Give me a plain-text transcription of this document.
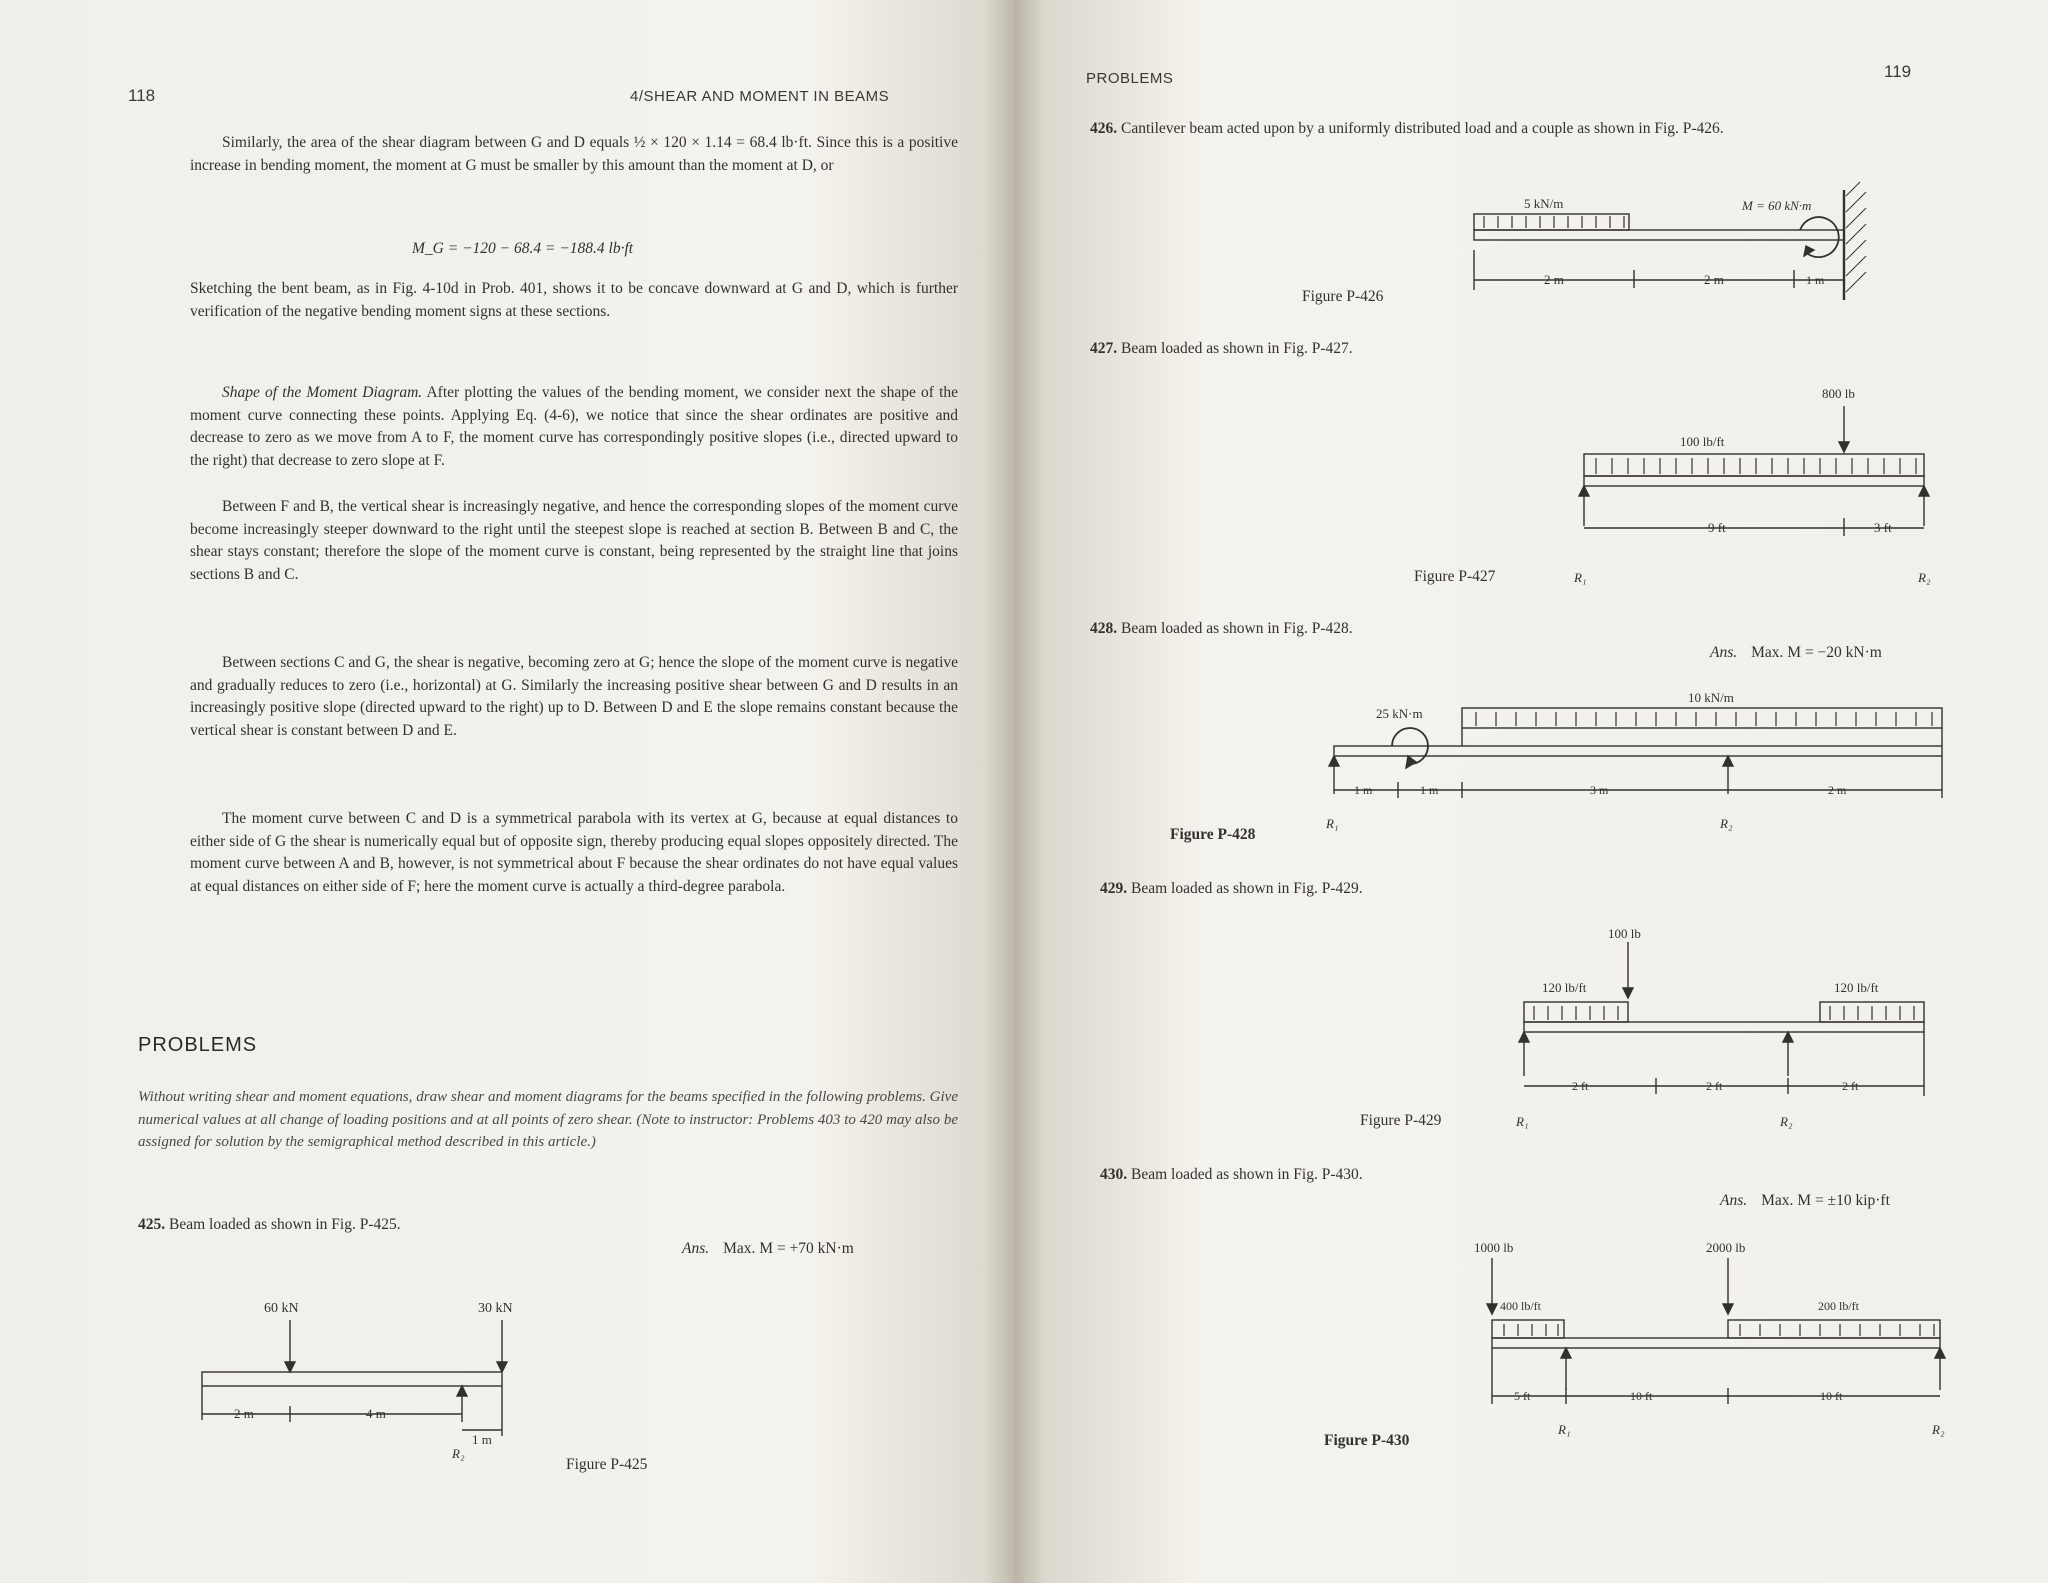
118	4/SHEAR AND MOMENT IN BEAMS

Similarly, the area of the shear diagram between G and D equals ½ × 120 × 1.14 = 68.4 lb·ft. Since this is a positive increase in bending moment, the moment at G must be smaller by this amount than the moment at D, or

M_G = −120 − 68.4 = −188.4 lb·ft

Sketching the bent beam, as in Fig. 4-10d in Prob. 401, shows it to be concave downward at G and D, which is further verification of the negative bending moment signs at these sections.

Shape of the Moment Diagram. After plotting the values of the bending moment, we consider next the shape of the moment curve connecting these points. Applying Eq. (4-6), we notice that since the shear ordinates are positive and decrease to zero as we move from A to F, the moment curve has correspondingly positive slopes (i.e., directed upward to the right) that decrease to zero slope at F.

Between F and B, the vertical shear is increasingly negative, and hence the corresponding slopes of the moment curve become increasingly steeper downward to the right until the steepest slope is reached at section B. Between B and C, the shear stays constant; therefore the slope of the moment curve is constant, being represented by the straight line that joins sections B and C.

Between sections C and G, the shear is negative, becoming zero at G; hence the slope of the moment curve is negative and gradually reduces to zero (i.e., horizontal) at G. Similarly the increasing positive shear between G and D results in an increasingly positive slope (directed upward to the right) up to D. Between D and E the slope remains constant because the vertical shear is constant between D and E.

The moment curve between C and D is a symmetrical parabola with its vertex at G, because at equal distances to either side of G the shear is numerically equal but of opposite sign, thereby producing equal slopes oppositely directed. The moment curve between A and B, however, is not symmetrical about F because the shear ordinates do not have equal values at equal distances on either side of F; here the moment curve is actually a third-degree parabola.

PROBLEMS

Without writing shear and moment equations, draw shear and moment diagrams for the beams specified in the following problems. Give numerical values at all change of loading positions and at all points of zero shear. (Note to instructor: Problems 403 to 420 may also be assigned for solution by the semigraphical method described in this article.)

425. Beam loaded as shown in Fig. P-425.
Ans. Max. M = +70 kN·m
60 kN	30 kN
2 m	4 m
1 m
R₂
Figure P-425
PROBLEMS	119
426. Cantilever beam acted upon by a uniformly distributed load and a couple as shown in Fig. P-426.
5 kN/m	M = 60 kN·m
2 m	2 m	1 m
Figure P-426
427. Beam loaded as shown in Fig. P-427.
800 lb
100 lb/ft
9 ft	3 ft
R₁	R₂
Figure P-427
428. Beam loaded as shown in Fig. P-428.
Ans. Max. M = −20 kN·m
25 kN·m
10 kN/m
1 m	1 m	3 m	2 m
R₁	R₂
Figure P-428
429. Beam loaded as shown in Fig. P-429.
100 lb
120 lb/ft	120 lb/ft
2 ft	2 ft	2 ft
R₁	R₂
Figure P-429
430. Beam loaded as shown in Fig. P-430.
Ans. Max. M = ±10 kip·ft
1000 lb	2000 lb
400 lb/ft	200 lb/ft
5 ft	10 ft	10 ft
R₁	R₂
Figure P-430
